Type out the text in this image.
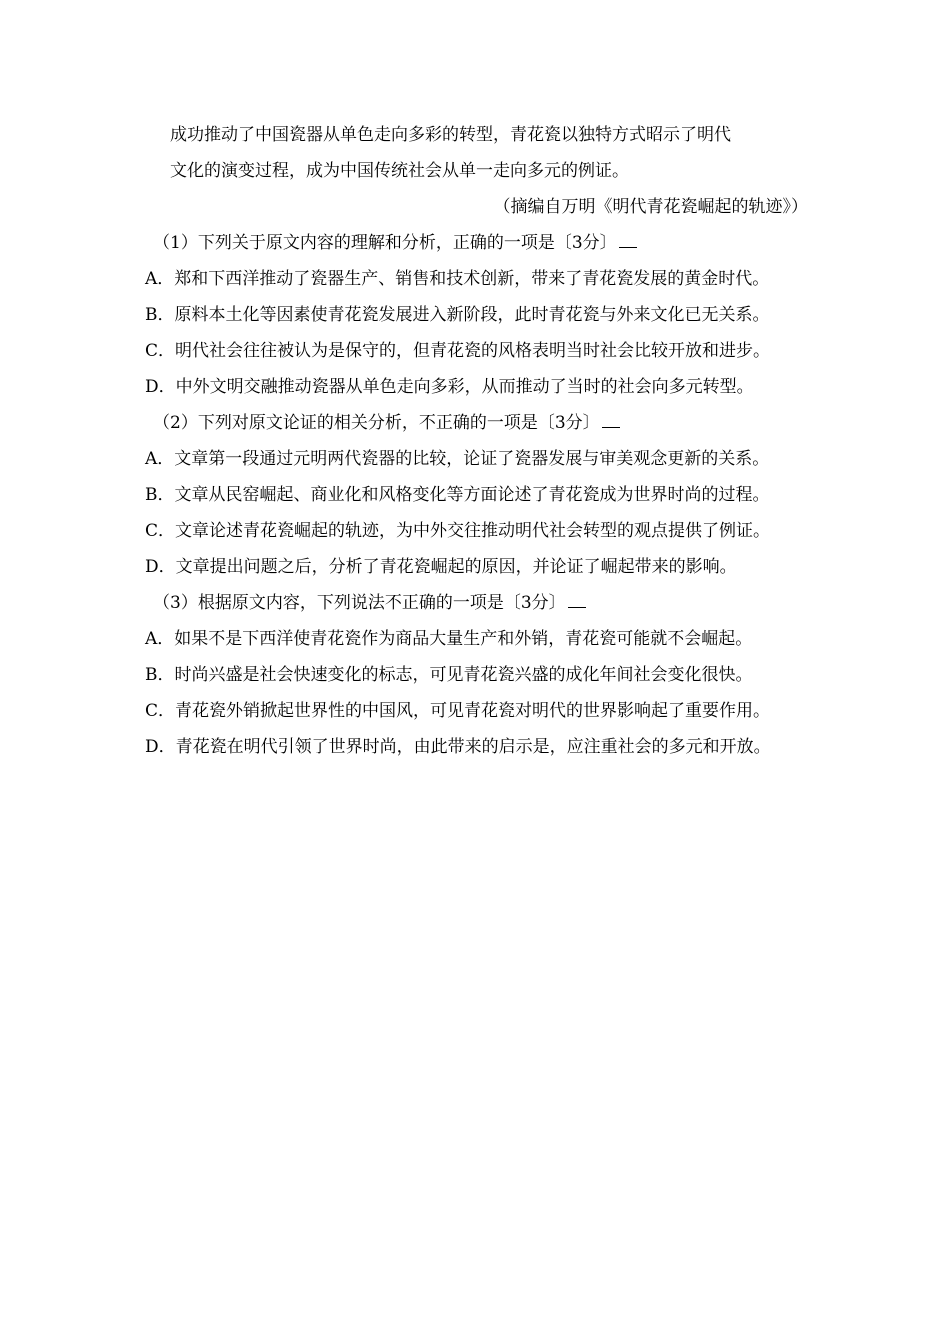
成功推动了中国瓷器从单色走向多彩的转型，青花瓷以独特方式昭示了明代
文化的演变过程，成为中国传统社会从单一走向多元的例证。
（摘编自万明《明代青花瓷崛起的轨迹》）
（1）下列关于原文内容的理解和分析，正确的一项是〔3分〕
A．郑和下西洋推动了瓷器生产、销售和技术创新，带来了青花瓷发展的黄金时代。
B．原料本土化等因素使青花瓷发展进入新阶段，此时青花瓷与外来文化已无关系。
C．明代社会往往被认为是保守的，但青花瓷的风格表明当时社会比较开放和进步。
D．中外文明交融推动瓷器从单色走向多彩，从而推动了当时的社会向多元转型。
（2）下列对原文论证的相关分析，不正确的一项是〔3分〕
A．文章第一段通过元明两代瓷器的比较，论证了瓷器发展与审美观念更新的关系。
B．文章从民窑崛起、商业化和风格变化等方面论述了青花瓷成为世界时尚的过程。
C．文章论述青花瓷崛起的轨迹，为中外交往推动明代社会转型的观点提供了例证。
D．文章提出问题之后，分析了青花瓷崛起的原因，并论证了崛起带来的影响。
（3）根据原文内容，下列说法不正确的一项是〔3分〕
A．如果不是下西洋使青花瓷作为商品大量生产和外销，青花瓷可能就不会崛起。
B．时尚兴盛是社会快速变化的标志，可见青花瓷兴盛的成化年间社会变化很快。
C．青花瓷外销掀起世界性的中国风，可见青花瓷对明代的世界影响起了重要作用。
D．青花瓷在明代引领了世界时尚，由此带来的启示是，应注重社会的多元和开放。
